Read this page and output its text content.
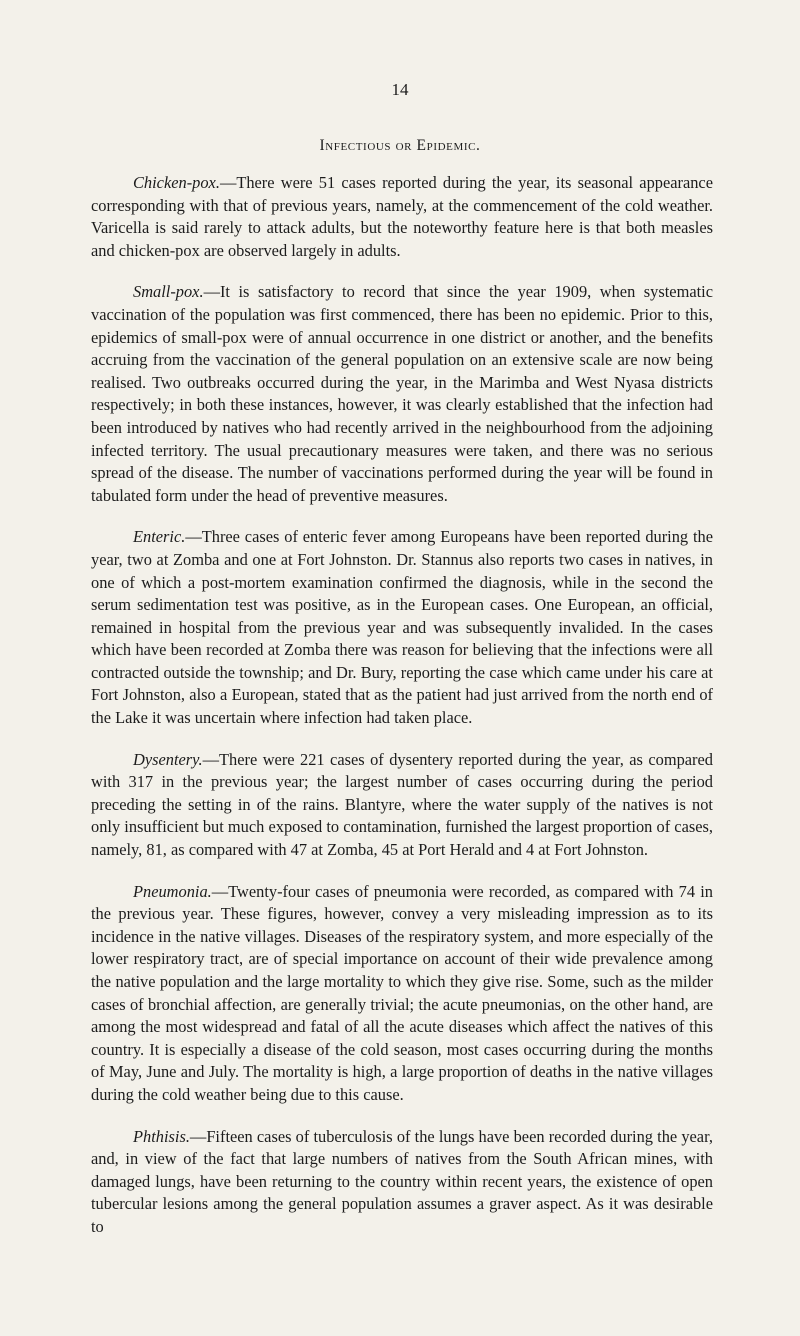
14
Infectious or Epidemic.

Chicken-pox.—There were 51 cases reported during the year, its seasonal appearance corresponding with that of previous years, namely, at the commencement of the cold weather. Varicella is said rarely to attack adults, but the noteworthy feature here is that both measles and chicken-pox are observed largely in adults.

Small-pox.—It is satisfactory to record that since the year 1909, when systematic vaccination of the population was first commenced, there has been no epidemic. Prior to this, epidemics of small-pox were of annual occurrence in one district or another, and the benefits accruing from the vaccination of the general population on an extensive scale are now being realised. Two outbreaks occurred during the year, in the Marimba and West Nyasa districts respectively; in both these instances, however, it was clearly established that the infection had been introduced by natives who had recently arrived in the neighbourhood from the adjoining infected territory. The usual precautionary measures were taken, and there was no serious spread of the disease. The number of vaccinations performed during the year will be found in tabulated form under the head of preventive measures.

Enteric.—Three cases of enteric fever among Europeans have been reported during the year, two at Zomba and one at Fort Johnston. Dr. Stannus also reports two cases in natives, in one of which a post-mortem examination confirmed the diagnosis, while in the second the serum sedimentation test was positive, as in the European cases. One European, an official, remained in hospital from the previous year and was subsequently invalided. In the cases which have been recorded at Zomba there was reason for believing that the infections were all contracted outside the township; and Dr. Bury, reporting the case which came under his care at Fort Johnston, also a European, stated that as the patient had just arrived from the north end of the Lake it was uncertain where infection had taken place.

Dysentery.—There were 221 cases of dysentery reported during the year, as compared with 317 in the previous year; the largest number of cases occurring during the period preceding the setting in of the rains. Blantyre, where the water supply of the natives is not only insufficient but much exposed to contamination, furnished the largest proportion of cases, namely, 81, as compared with 47 at Zomba, 45 at Port Herald and 4 at Fort Johnston.

Pneumonia.—Twenty-four cases of pneumonia were recorded, as compared with 74 in the previous year. These figures, however, convey a very misleading impression as to its incidence in the native villages. Diseases of the respiratory system, and more especially of the lower respiratory tract, are of special importance on account of their wide prevalence among the native population and the large mortality to which they give rise. Some, such as the milder cases of bronchial affection, are generally trivial; the acute pneumonias, on the other hand, are among the most widespread and fatal of all the acute diseases which affect the natives of this country. It is especially a disease of the cold season, most cases occurring during the months of May, June and July. The mortality is high, a large proportion of deaths in the native villages during the cold weather being due to this cause.

Phthisis.—Fifteen cases of tuberculosis of the lungs have been recorded during the year, and, in view of the fact that large numbers of natives from the South African mines, with damaged lungs, have been returning to the country within recent years, the existence of open tubercular lesions among the general population assumes a graver aspect. As it was desirable to
